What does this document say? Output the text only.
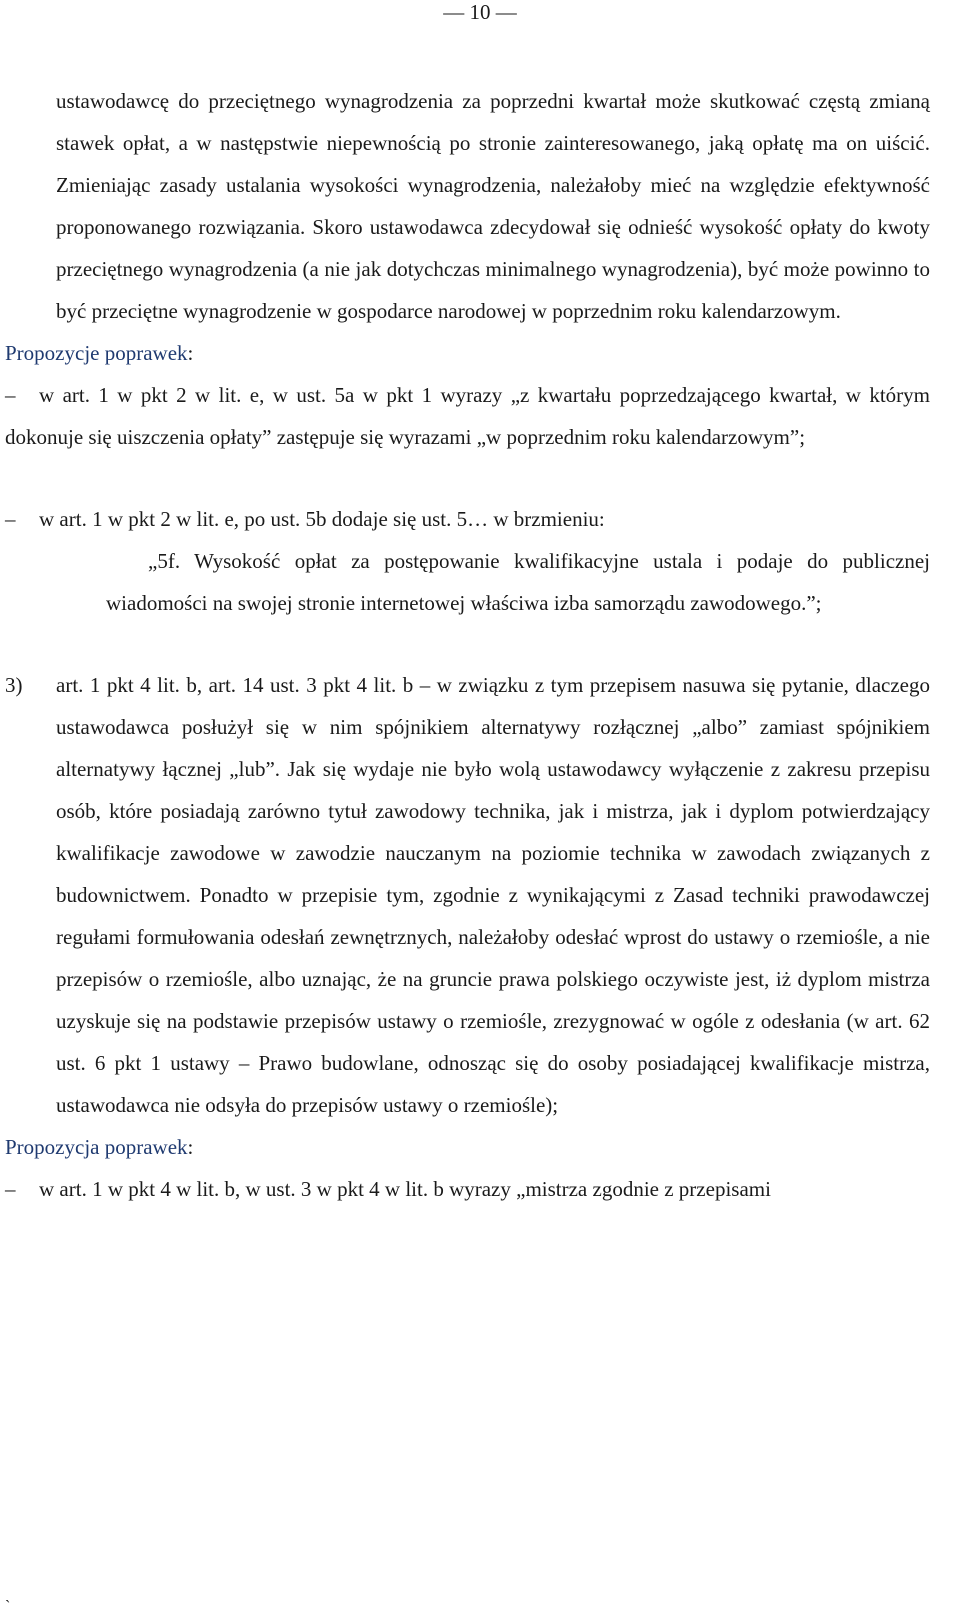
— 10 —

ustawodawcę do przeciętnego wynagrodzenia za poprzedni kwartał może skutkować częstą zmianą stawek opłat, a w następstwie niepewnością po stronie zainteresowanego, jaką opłatę ma on uiścić. Zmieniając zasady ustalania wysokości wynagrodzenia, należałoby mieć na względzie efektywność proponowanego rozwiązania. Skoro ustawodawca zdecydował się odnieść wysokość opłaty do kwoty przeciętnego wynagrodzenia (a nie jak dotychczas minimalnego wynagrodzenia), być może powinno to być przeciętne wynagrodzenie w gospodarce narodowej w poprzednim roku kalendarzowym.

Propozycje poprawek:

– w art. 1 w pkt 2 w lit. e, w ust. 5a w pkt 1 wyrazy „z kwartału poprzedzającego kwartał, w którym dokonuje się uiszczenia opłaty” zastępuje się wyrazami „w poprzednim roku kalendarzowym”;

– w art. 1 w pkt 2 w lit. e, po ust. 5b dodaje się ust. 5… w brzmieniu:

„5f. Wysokość opłat za postępowanie kwalifikacyjne ustala i podaje do publicznej wiadomości na swojej stronie internetowej właściwa izba samorządu zawodowego.”;

3) art. 1 pkt 4 lit. b, art. 14 ust. 3 pkt 4 lit. b – w związku z tym przepisem nasuwa się pytanie, dlaczego ustawodawca posłużył się w nim spójnikiem alternatywy rozłącznej „albo” zamiast spójnikiem alternatywy łącznej „lub”. Jak się wydaje nie było wolą ustawodawcy wyłączenie z zakresu przepisu osób, które posiadają zarówno tytuł zawodowy technika, jak i mistrza, jak i dyplom potwierdzający kwalifikacje zawodowe w zawodzie nauczanym na poziomie technika w zawodach związanych z budownictwem. Ponadto w przepisie tym, zgodnie z wynikającymi z Zasad techniki prawodawczej regułami formułowania odesłań zewnętrznych, należałoby odesłać wprost do ustawy o rzemiośle, a nie przepisów o rzemiośle, albo uznając, że na gruncie prawa polskiego oczywiste jest, iż dyplom mistrza uzyskuje się na podstawie przepisów ustawy o rzemiośle, zrezygnować w ogóle z odesłania (w art. 62 ust. 6 pkt 1 ustawy – Prawo budowlane, odnosząc się do osoby posiadającej kwalifikacje mistrza, ustawodawca nie odsyła do przepisów ustawy o rzemiośle);

Propozycja poprawek:

– w art. 1 w pkt 4 w lit. b, w ust. 3 w pkt 4 w lit. b wyrazy „mistrza zgodnie z przepisami

`
